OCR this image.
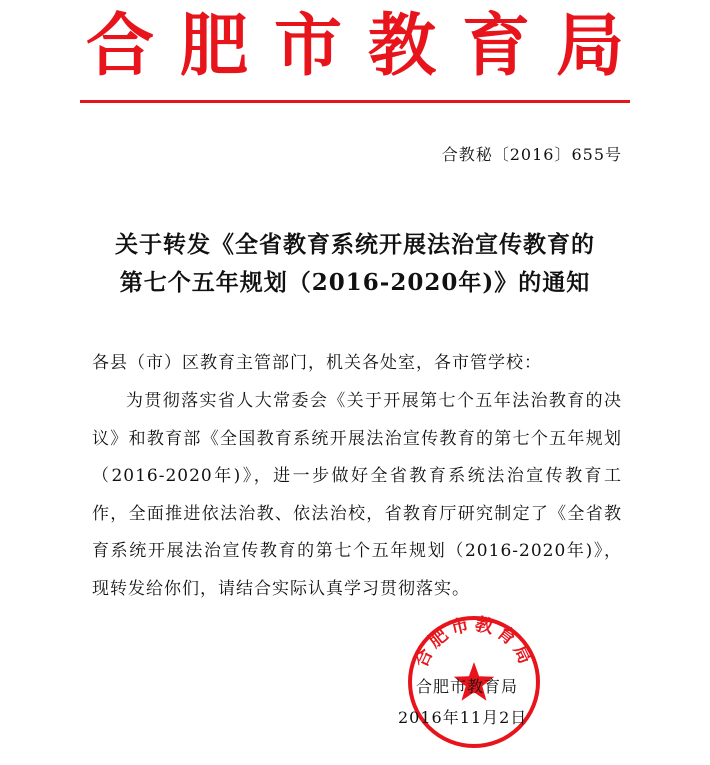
合肥市教育局
合教秘〔2016〕655号
关于转发《全省教育系统开展法治宣传教育的
第七个五年规划（2016-2020年)》的通知
各县（市）区教育主管部门，机关各处室，各市管学校：
为贯彻落实省人大常委会《关于开展第七个五年法治教育的决议》和教育部《全国教育系统开展法治宣传教育的第七个五年规划（2016-2020年)》，进一步做好全省教育系统法治宣传教育工作，全面推进依法治教、依法治校，省教育厅研究制定了《全省教育系统开展法治宣传教育的第七个五年规划（2016-2020年)》，现转发给你们，请结合实际认真学习贯彻落实。
合肥市教育局
合肥市教育局
2016年11月2日
